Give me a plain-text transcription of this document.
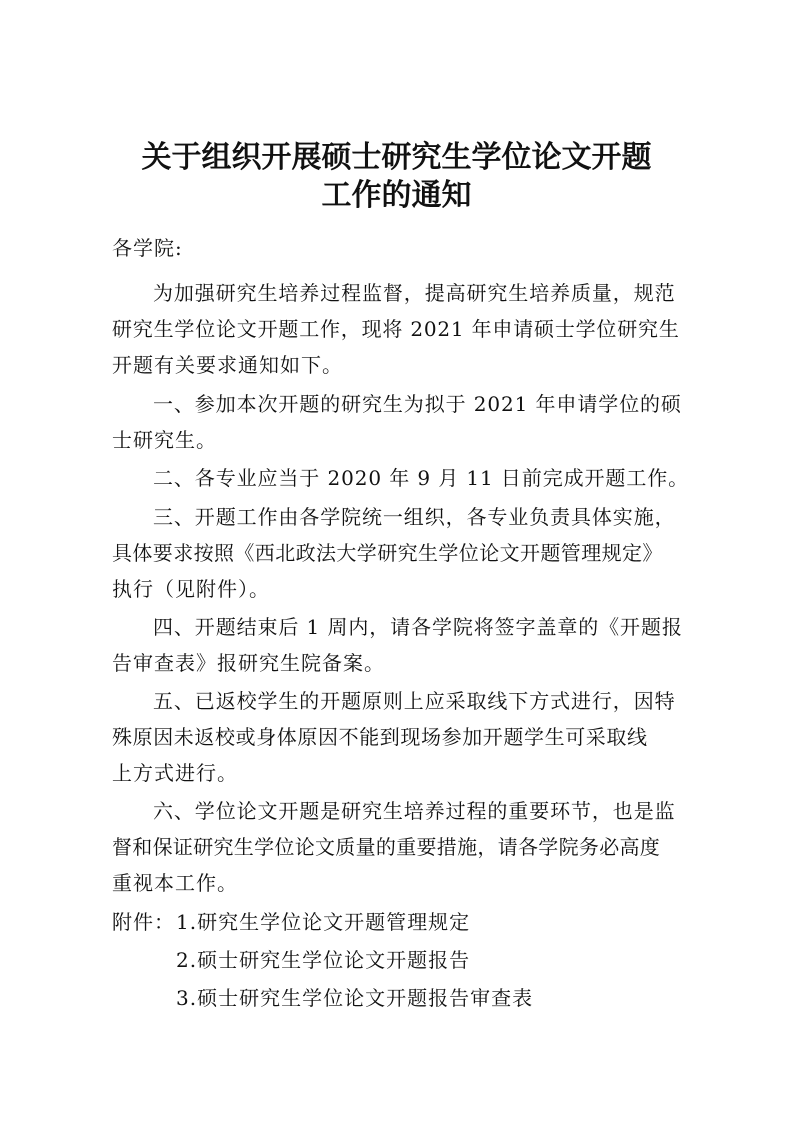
关于组织开展硕士研究生学位论文开题
工作的通知
各学院:
为加强研究生培养过程监督，提高研究生培养质量，规范
研究生学位论文开题工作，现将 2021 年申请硕士学位研究生
开题有关要求通知如下。
一、参加本次开题的研究生为拟于 2021 年申请学位的硕
士研究生。
二、各专业应当于 2020 年 9 月 11 日前完成开题工作。
三、开题工作由各学院统一组织，各专业负责具体实施，
具体要求按照《西北政法大学研究生学位论文开题管理规定》
执行（见附件）。
四、开题结束后 1 周内，请各学院将签字盖章的《开题报
告审查表》报研究生院备案。
五、已返校学生的开题原则上应采取线下方式进行，因特
殊原因未返校或身体原因不能到现场参加开题学生可采取线
上方式进行。
六、学位论文开题是研究生培养过程的重要环节，也是监
督和保证研究生学位论文质量的重要措施，请各学院务必高度
重视本工作。
附件： 1.研究生学位论文开题管理规定
2.硕士研究生学位论文开题报告
3.硕士研究生学位论文开题报告审查表
